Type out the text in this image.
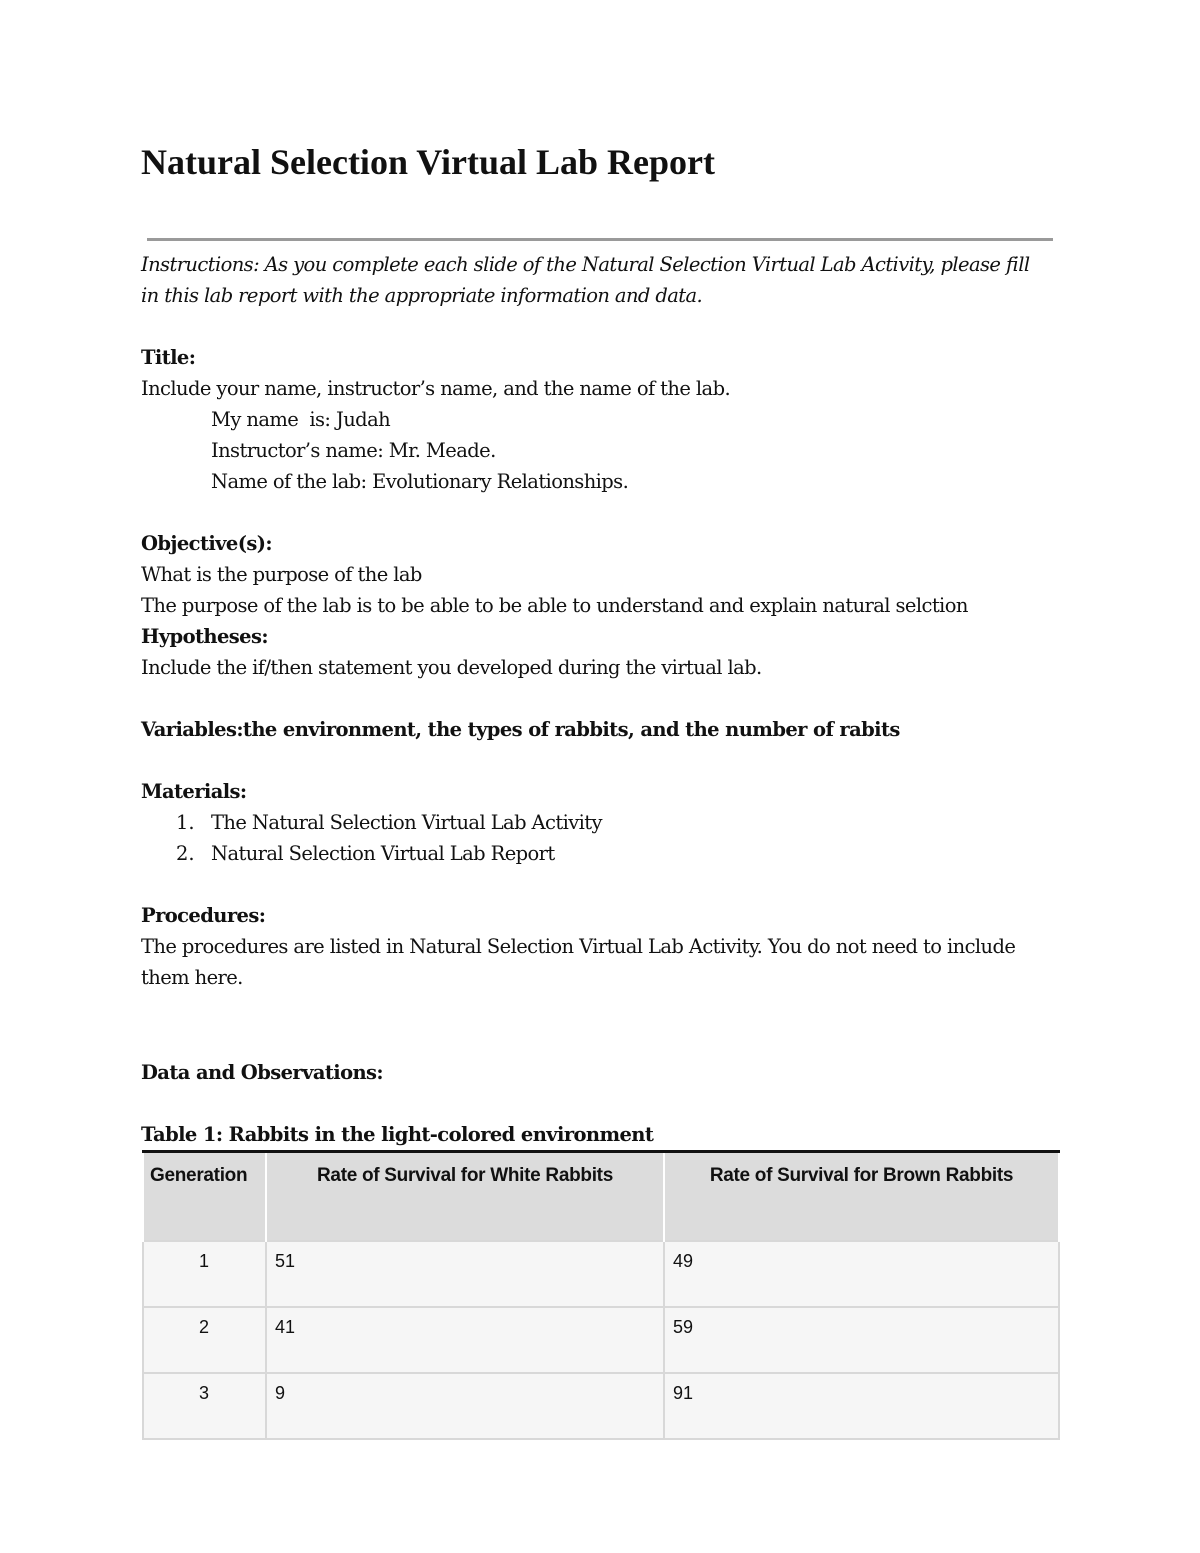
Natural Selection Virtual Lab Report
Instructions: As you complete each slide of the Natural Selection Virtual Lab Activity, please fill
in this lab report with the appropriate information and data.
Title:
Include your name, instructor’s name, and the name of the lab.
My name  is: Judah
Instructor’s name: Mr. Meade.
Name of the lab: Evolutionary Relationships.
Objective(s):
What is the purpose of the lab
The purpose of the lab is to be able to be able to understand and explain natural selction
Hypotheses:
Include the if/then statement you developed during the virtual lab.
Variables:the environment, the types of rabbits, and the number of rabits
Materials:
1. The Natural Selection Virtual Lab Activity
2. Natural Selection Virtual Lab Report
Procedures:
The procedures are listed in Natural Selection Virtual Lab Activity. You do not need to include
them here.
Data and Observations:
Table 1: Rabbits in the light-colored environment
Generation	Rate of Survival for White Rabbits	Rate of Survival for Brown Rabbits
1	51	49
2	41	59
3	9	91
